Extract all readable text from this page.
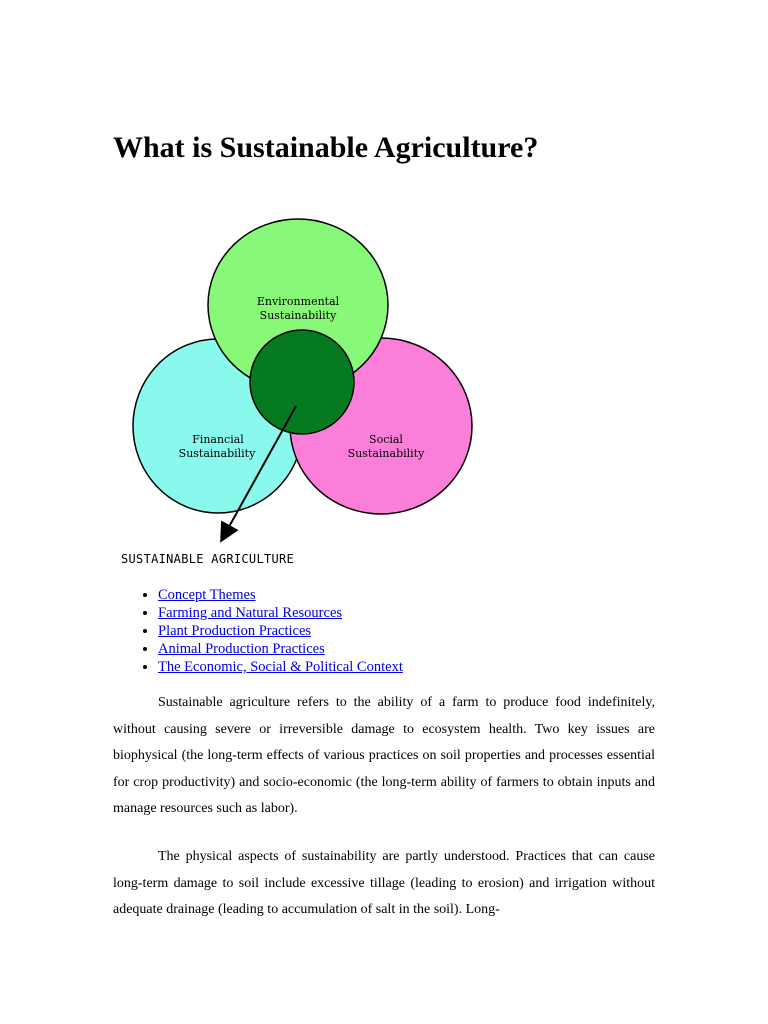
What is Sustainable Agriculture?
Environmental
Sustainability
Financial
Sustainability
Social
Sustainability
SUSTAINABLE AGRICULTURE
• Concept Themes
• Farming and Natural Resources
• Plant Production Practices
• Animal Production Practices
• The Economic, Social & Political Context

Sustainable agriculture refers to the ability of a farm to produce food indefinitely, without causing severe or irreversible damage to ecosystem health. Two key issues are biophysical (the long-term effects of various practices on soil properties and processes essential for crop productivity) and socio-economic (the long-term ability of farmers to obtain inputs and manage resources such as labor).

The physical aspects of sustainability are partly understood. Practices that can cause long-term damage to soil include excessive tillage (leading to erosion) and irrigation without adequate drainage (leading to accumulation of salt in the soil). Long-
